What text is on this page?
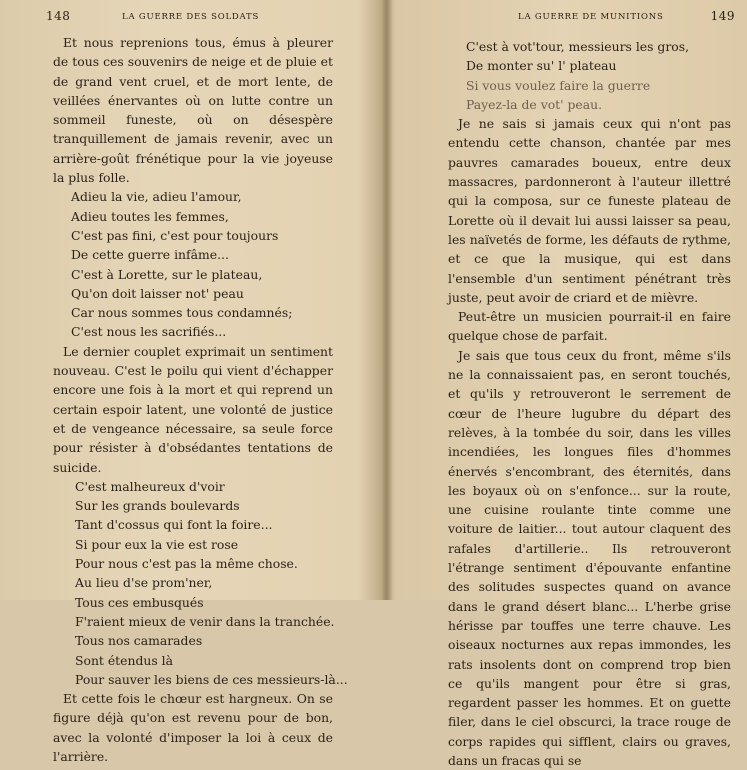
148	LA GUERRE DES SOLDATS

Et nous reprenions tous, émus à pleurer de tous ces souvenirs de neige et de pluie et de grand vent cruel, et de mort lente, de veillées énervantes où on lutte contre un sommeil funeste, où on désespère tranquillement de jamais revenir, avec un arrière-goût frénétique pour la vie joyeuse la plus folle.

Adieu la vie, adieu l'amour,
Adieu toutes les femmes,
C'est pas fini, c'est pour toujours
De cette guerre infâme...
C'est à Lorette, sur le plateau,
Qu'on doit laisser not' peau
Car nous sommes tous condamnés;
C'est nous les sacrifiés...

Le dernier couplet exprimait un sentiment nouveau. C'est le poilu qui vient d'échapper encore une fois à la mort et qui reprend un certain espoir latent, une volonté de justice et de vengeance nécessaire, sa seule force pour résister à d'obsédantes tentations de suicide.

C'est malheureux d'voir
Sur les grands boulevards
Tant d'cossus qui font la foire...
Si pour eux la vie est rose
Pour nous c'est pas la même chose.
Au lieu d'se prom'ner,
Tous ces embusqués
F'raient mieux de venir dans la tranchée.
Tous nos camarades
Sont étendus là
Pour sauver les biens de ces messieurs-là...

Et cette fois le chœur est hargneux. On se figure déjà qu'on est revenu pour de bon, avec la volonté d'imposer la loi à ceux de l'arrière.

LA GUERRE DE MUNITIONS	149
C'est à vot'tour, messieurs les gros,
De monter su' l' plateau
Si vous voulez faire la guerre
Payez-la de vot' peau.

Je ne sais si jamais ceux qui n'ont pas entendu cette chanson, chantée par mes pauvres camarades boueux, entre deux massacres, pardonneront à l'auteur illettré qui la composa, sur ce funeste plateau de Lorette où il devait lui aussi laisser sa peau, les naïvetés de forme, les défauts de rythme, et ce que la musique, qui est dans l'ensemble d'un sentiment pénétrant très juste, peut avoir de criard et de mièvre.

Peut-être un musicien pourrait-il en faire quelque chose de parfait.

Je sais que tous ceux du front, même s'ils ne la connaissaient pas, en seront touchés, et qu'ils y retrouveront le serrement de cœur de l'heure lugubre du départ des relèves, à la tombée du soir, dans les villes incendiées, les longues files d'hommes énervés s'encombrant, des éternités, dans les boyaux où on s'enfonce... sur la route, une cuisine roulante tinte comme une voiture de laitier... tout autour claquent des rafales d'artillerie.. Ils retrouveront l'étrange sentiment d'épouvante enfantine des solitudes suspectes quand on avance dans le grand désert blanc... L'herbe grise hérisse par touffes une terre chauve. Les oiseaux nocturnes aux repas immondes, les rats insolents dont on comprend trop bien ce qu'ils mangent pour être si gras, regardent passer les hommes. Et on guette filer, dans le ciel obscurci, la trace rouge de corps rapides qui sifflent, clairs ou graves, dans un fracas qui se
